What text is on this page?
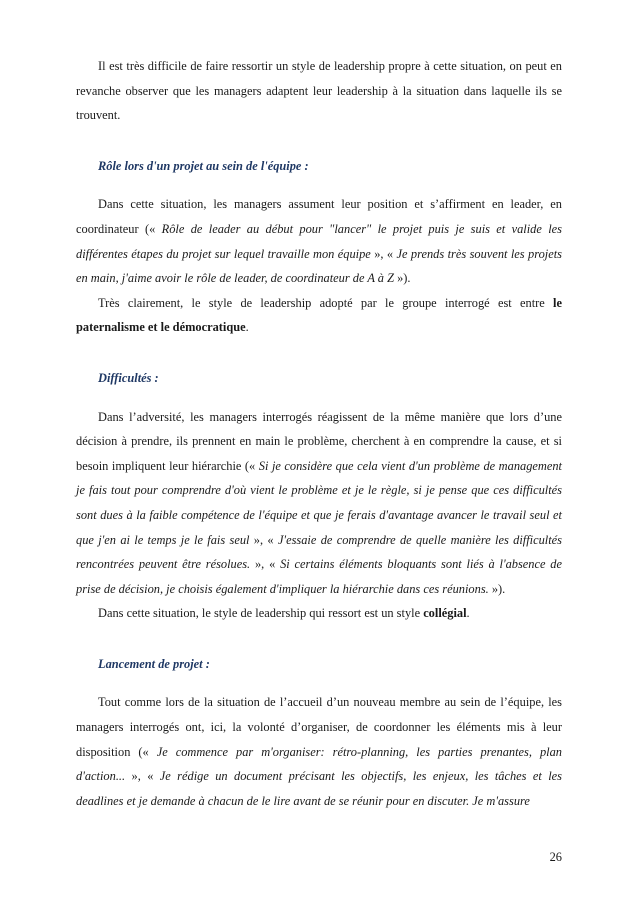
Il est très difficile de faire ressortir un style de leadership propre à cette situation, on peut en revanche observer que les managers adaptent leur leadership à la situation dans laquelle ils se trouvent.

Rôle lors d'un projet au sein de l'équipe :

Dans cette situation, les managers assument leur position et s’affirment en leader, en coordinateur (« Rôle de leader au début pour "lancer" le projet puis je suis et valide les différentes étapes du projet sur lequel travaille mon équipe », « Je prends très souvent les projets en main, j'aime avoir le rôle de leader, de coordinateur de A à Z »).

Très clairement, le style de leadership adopté par le groupe interrogé est entre le paternalisme et le démocratique.

Difficultés :

Dans l’adversité, les managers interrogés réagissent de la même manière que lors d’une décision à prendre, ils prennent en main le problème, cherchent à en comprendre la cause, et si besoin impliquent leur hiérarchie (« Si je considère que cela vient d'un problème de management je fais tout pour comprendre d'où vient le problème et je le règle, si je pense que ces difficultés sont dues à la faible compétence de l'équipe et que je ferais d'avantage avancer le travail seul et que j'en ai le temps je le fais seul », « J'essaie de comprendre de quelle manière les difficultés rencontrées peuvent être résolues. », « Si certains éléments bloquants sont liés à l'absence de prise de décision, je choisis également d'impliquer la hiérarchie dans ces réunions. »).

Dans cette situation, le style de leadership qui ressort est un style collégial.

Lancement de projet :

Tout comme lors de la situation de l’accueil d’un nouveau membre au sein de l’équipe, les managers interrogés ont, ici, la volonté d’organiser, de coordonner les éléments mis à leur disposition (« Je commence par m'organiser: rétro-planning, les parties prenantes, plan d'action... », « Je rédige un document précisant les objectifs, les enjeux, les tâches et les deadlines et je demande à chacun de le lire avant de se réunir pour en discuter. Je m'assure

26
